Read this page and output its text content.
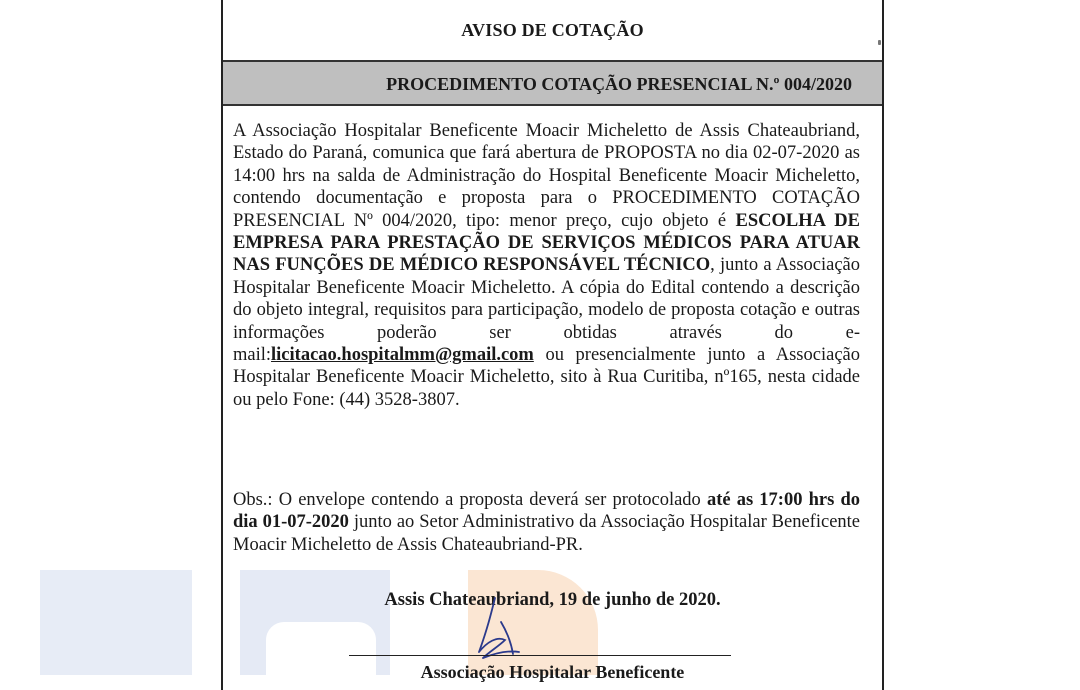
AVISO DE COTAÇÃO
PROCEDIMENTO COTAÇÃO PRESENCIAL N.º 004/2020
A Associação Hospitalar Beneficente Moacir Micheletto de Assis Chateaubriand, Estado do Paraná, comunica que fará abertura de PROPOSTA no dia 02-07-2020 as 14:00 hrs na salda de Administração do Hospital Beneficente Moacir Micheletto, contendo documentação e proposta para o PROCEDIMENTO COTAÇÃO PRESENCIAL Nº 004/2020, tipo: menor preço, cujo objeto é ESCOLHA DE EMPRESA PARA PRESTAÇÃO DE SERVIÇOS MÉDICOS PARA ATUAR NAS FUNÇÕES DE MÉDICO RESPONSÁVEL TÉCNICO, junto a Associação Hospitalar Beneficente Moacir Micheletto. A cópia do Edital contendo a descrição do objeto integral, requisitos para participação, modelo de proposta cotação e outras informações poderão ser obtidas através do e-mail:licitacao.hospitalmm@gmail.com ou presencialmente junto a Associação Hospitalar Beneficente Moacir Micheletto, sito à Rua Curitiba, nº165, nesta cidade ou pelo Fone: (44) 3528-3807.
Obs.: O envelope contendo a proposta deverá ser protocolado até as 17:00 hrs do dia 01-07-2020 junto ao Setor Administrativo da Associação Hospitalar Beneficente Moacir Micheletto de Assis Chateaubriand-PR.
Assis Chateaubriand, 19 de junho de 2020.
Associação Hospitalar Beneficente
